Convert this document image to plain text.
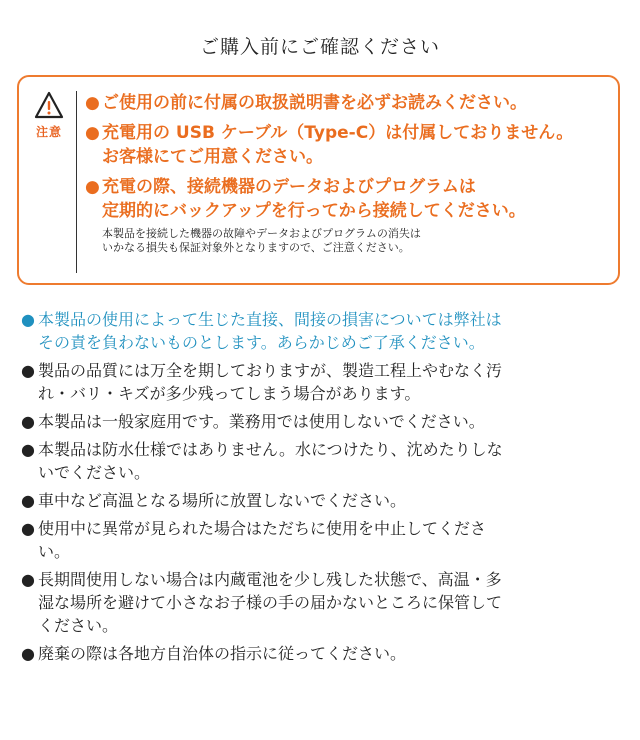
ご購入前にご確認ください
注意
● ご使用の前に付属の取扱説明書を必ずお読みください。
● 充電用の USB ケーブル（Type-C）は付属しておりません。
お客様にてご用意ください。
● 充電の際、接続機器のデータおよびプログラムは
定期的にバックアップを行ってから接続してください。
本製品を接続した機器の故障やデータおよびプログラムの消失は
いかなる損失も保証対象外となりますので、ご注意ください。
● 本製品の使用によって生じた直接、間接の損害については弊社は
その責を負わないものとします。あらかじめご了承ください。
● 製品の品質には万全を期しておりますが、製造工程上やむなく汚
れ・バリ・キズが多少残ってしまう場合があります。
● 本製品は一般家庭用です。業務用では使用しないでください。
● 本製品は防水仕様ではありません。水につけたり、沈めたりしな
いでください。
● 車中など高温となる場所に放置しないでください。
● 使用中に異常が見られた場合はただちに使用を中止してくださ
い。
● 長期間使用しない場合は内蔵電池を少し残した状態で、高温・多
湿な場所を避けて小さなお子様の手の届かないところに保管して
ください。
● 廃棄の際は各地方自治体の指示に従ってください。
